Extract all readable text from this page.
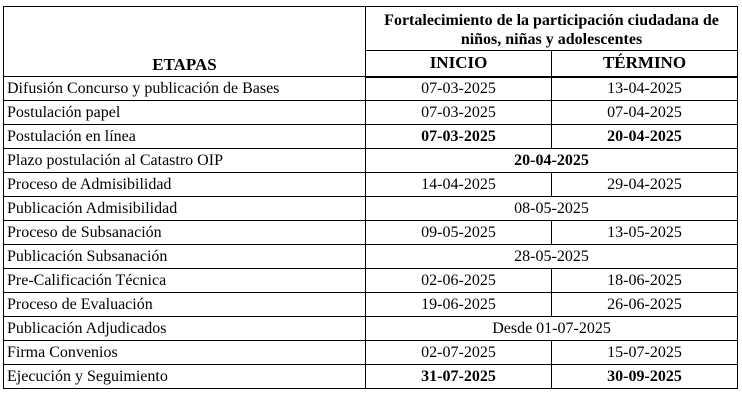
ETAPAS	Fortalecimiento de la participación ciudadana de niños, niñas y adolescentes	
	INICIO	TÉRMINO
Difusión Concurso y publicación de Bases	07-03-2025	13-04-2025
Postulación papel	07-03-2025	07-04-2025
Postulación en línea	07-03-2025	20-04-2025
Plazo postulación al Catastro OIP	20-04-2025	
Proceso de Admisibilidad	14-04-2025	29-04-2025
Publicación Admisibilidad	08-05-2025	
Proceso de Subsanación	09-05-2025	13-05-2025
Publicación Subsanación	28-05-2025	
Pre-Calificación Técnica	02-06-2025	18-06-2025
Proceso de Evaluación	19-06-2025	26-06-2025
Publicación Adjudicados	Desde 01-07-2025	
Firma Convenios	02-07-2025	15-07-2025
Ejecución y Seguimiento	31-07-2025	30-09-2025
